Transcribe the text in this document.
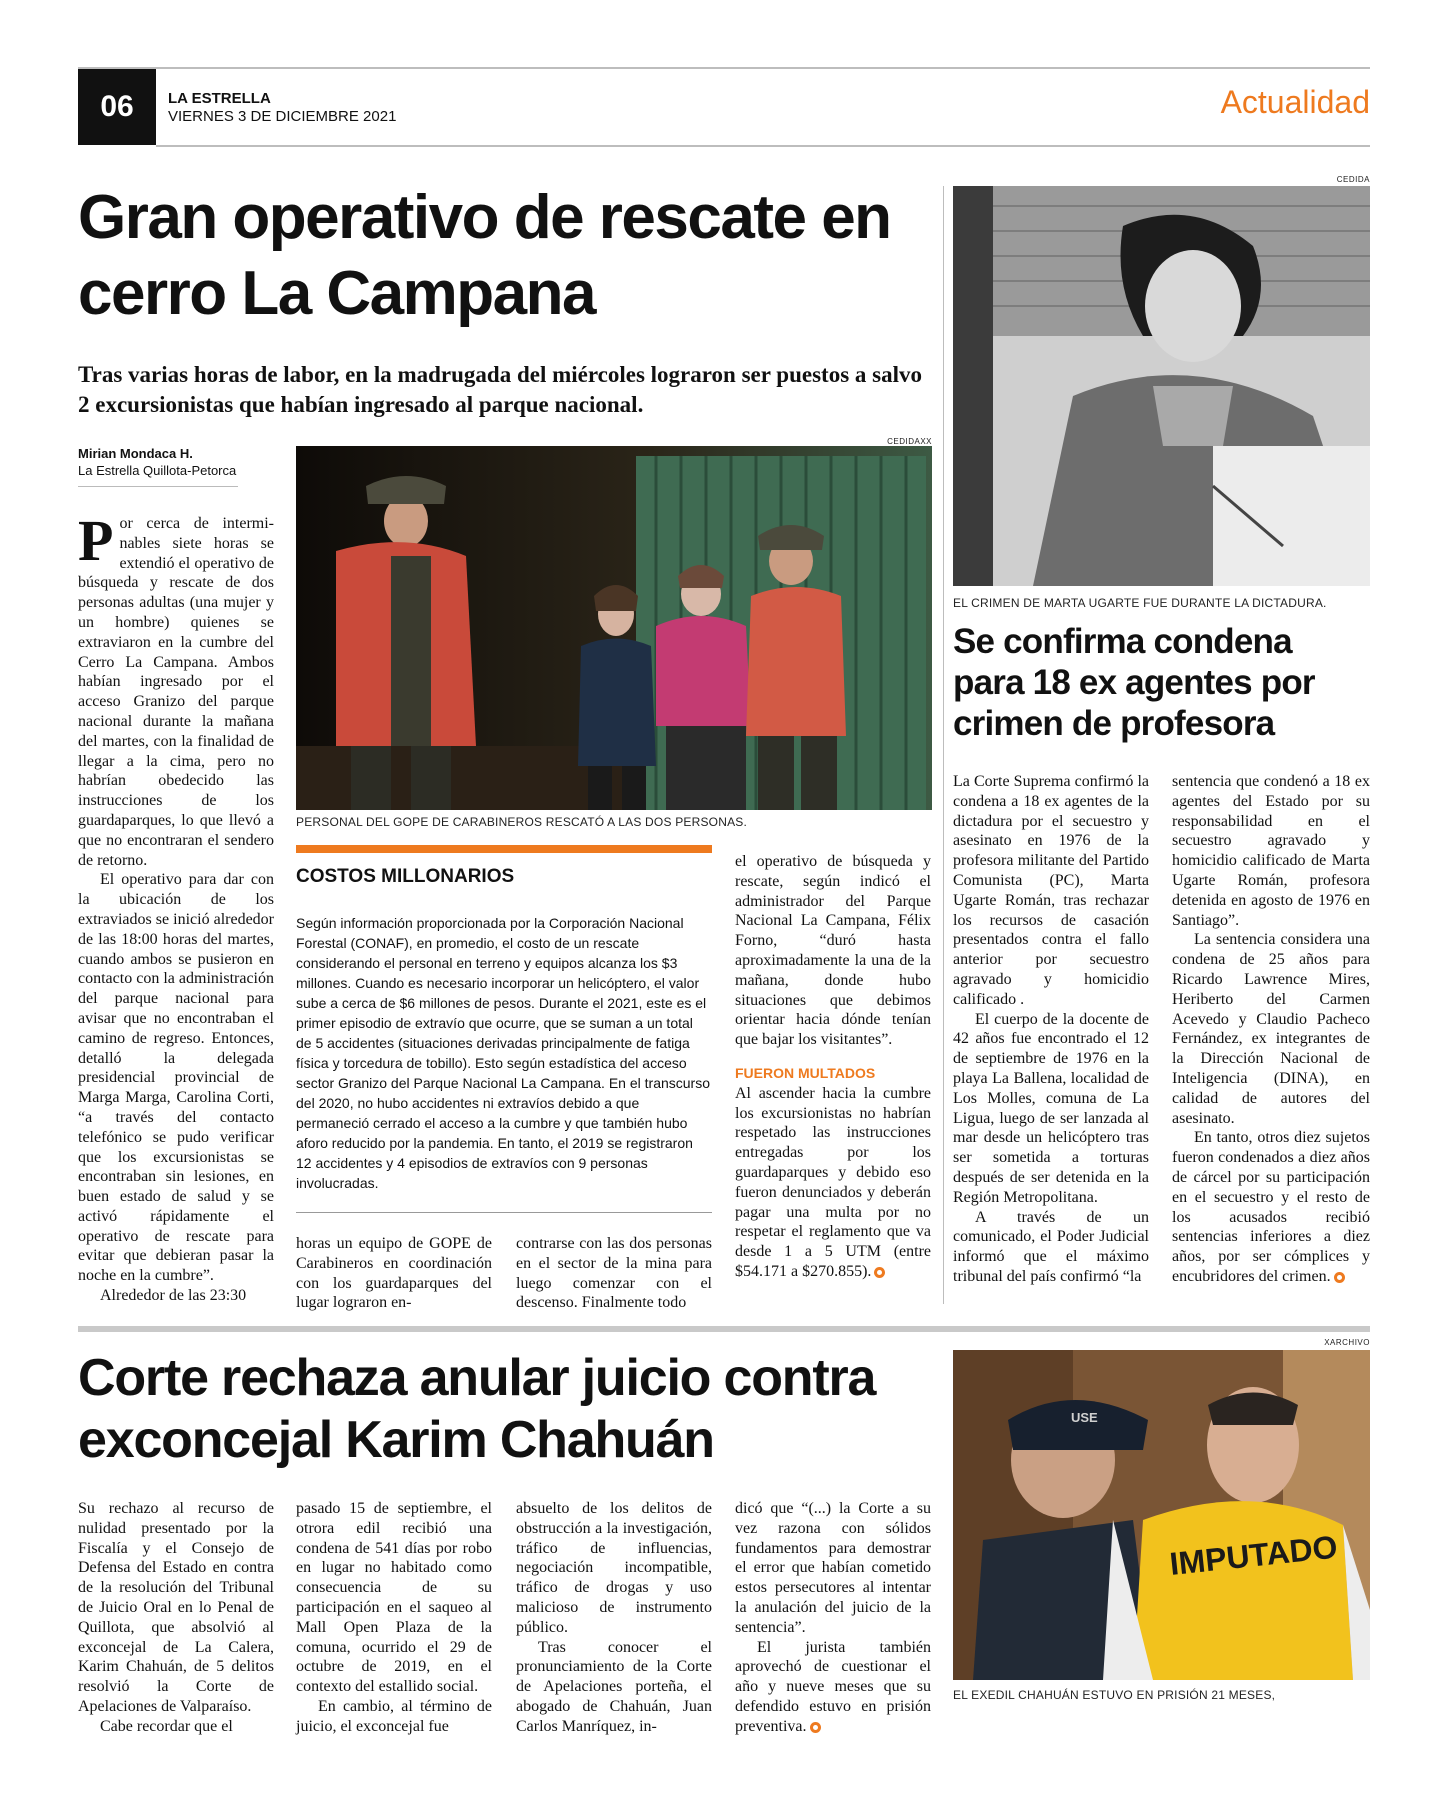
06	LA ESTRELLA
VIERNES 3 DE DICIEMBRE 2021	Actualidad
Gran operativo de rescate en cerro La Campana
Tras varias horas de labor, en la madrugada del miércoles lograron ser puestos a salvo 2 excursionistas que habían ingresado al parque nacional.
Mirian Mondaca H.
La Estrella Quillota-Petorca
CEDIDAXX
PERSONAL DEL GOPE DE CARABINEROS RESCATÓ A LAS DOS PERSONAS.

Por cerca de intermi- nables siete horas se extendió el operativo de búsqueda y rescate de dos personas adultas (una mujer y un hombre) quienes se extraviaron en la cumbre del Cerro La Campana. Ambos habían ingresado por el acceso Granizo del parque nacional durante la mañana del martes, con la finalidad de llegar a la cima, pero no habrían obedecido las instrucciones de los guardaparques, lo que llevó a que no encontraran el sendero de retorno.

El operativo para dar con la ubicación de los extraviados se inició alrededor de las 18:00 horas del martes, cuando ambos se pusieron en contacto con la administración del parque nacional para avisar que no encontraban el camino de regreso. Entonces, detalló la delegada presidencial provincial de Marga Marga, Carolina Corti, “a través del contacto telefónico se pudo verificar que los excursionistas se encontraban sin lesiones, en buen estado de salud y se activó rápidamente el operativo de rescate para evitar que debieran pasar la noche en la cumbre”.

Alrededor de las 23:30

COSTOS MILLONARIOS
Según información proporcionada por la Corporación Nacional Forestal (CONAF), en promedio, el costo de un rescate considerando el personal en terreno y equipos alcanza los $3 millones. Cuando es necesario incorporar un helicóptero, el valor sube a cerca de $6 millones de pesos. Durante el 2021, este es el primer episodio de extravío que ocurre, que se suman a un total de 5 accidentes (situaciones derivadas principalmente de fatiga física y torcedura de tobillo). Esto según estadística del acceso sector Granizo del Parque Nacional La Campana. En el transcurso del 2020, no hubo accidentes ni extravíos debido a que permaneció cerrado el acceso a la cumbre y que también hubo aforo reducido por la pandemia. En tanto, el 2019 se registraron 12 accidentes y 4 episodios de extravíos con 9 personas involucradas.

horas un equipo de GOPE de Carabineros en coordinación con los guardaparques del lugar lograron en-

contrarse con las dos personas en el sector de la mina para luego comenzar con el descenso. Finalmente todo

el operativo de búsqueda y rescate, según indicó el administrador del Parque Nacional La Campana, Félix Forno, “duró hasta aproximadamente la una de la mañana, donde hubo situaciones que debimos orientar hacia dónde tenían que bajar los visitantes”.

FUERON MULTADOS

Al ascender hacia la cumbre los excursionistas no habrían respetado las instrucciones entregadas por los guardaparques y debido eso fueron denunciados y deberán pagar una multa por no respetar el reglamento que va desde 1 a 5 UTM (entre $54.171 a $270.855).

CEDIDA
EL CRIMEN DE MARTA UGARTE FUE DURANTE LA DICTADURA.
Se confirma condena para 18 ex agentes por crimen de profesora

La Corte Suprema confirmó la condena a 18 ex agentes de la dictadura por el secuestro y asesinato en 1976 de la profesora militante del Partido Comunista (PC), Marta Ugarte Román, tras rechazar los recursos de casación presentados contra el fallo anterior por secuestro agravado y homicidio calificado .

El cuerpo de la docente de 42 años fue encontrado el 12 de septiembre de 1976 en la playa La Ballena, localidad de Los Molles, comuna de La Ligua, luego de ser lanzada al mar desde un helicóptero tras ser sometida a torturas después de ser detenida en la Región Metropolitana.

A través de un comunicado, el Poder Judicial informó que el máximo tribunal del país confirmó “la

sentencia que condenó a 18 ex agentes del Estado por su responsabilidad en el secuestro agravado y homicidio calificado de Marta Ugarte Román, profesora detenida en agosto de 1976 en Santiago”.

La sentencia considera una condena de 25 años para Ricardo Lawrence Mires, Heriberto del Carmen Acevedo y Claudio Pacheco Fernández, ex integrantes de la Dirección Nacional de Inteligencia (DINA), en calidad de autores del asesinato.

En tanto, otros diez sujetos fueron condenados a diez años de cárcel por su participación en el secuestro y el resto de los acusados recibió sentencias inferiores a diez años, por ser cómplices y encubridores del crimen.

Corte rechaza anular juicio contra exconcejal Karim Chahuán
XARCHIVO
IMPUTADO
USE
EL EXEDIL CHAHUÁN ESTUVO EN PRISIÓN 21 MESES,

Su rechazo al recurso de nulidad presentado por la Fiscalía y el Consejo de Defensa del Estado en contra de la resolución del Tribunal de Juicio Oral en lo Penal de Quillota, que absolvió al exconcejal de La Calera, Karim Chahuán, de 5 delitos resolvió la Corte de Apelaciones de Valparaíso.

Cabe recordar que el

pasado 15 de septiembre, el otrora edil recibió una condena de 541 días por robo en lugar no habitado como consecuencia de su participación en el saqueo al Mall Open Plaza de la comuna, ocurrido el 29 de octubre de 2019, en el contexto del estallido social.

En cambio, al término de juicio, el exconcejal fue

absuelto de los delitos de obstrucción a la investigación, tráfico de influencias, negociación incompatible, tráfico de drogas y uso malicioso de instrumento público.

Tras conocer el pronunciamiento de la Corte de Apelaciones porteña, el abogado de Chahuán, Juan Carlos Manríquez, in-

dicó que “(...) la Corte a su vez razona con sólidos fundamentos para demostrar el error que habían cometido estos persecutores al intentar la anulación del juicio de la sentencia”.

El jurista también aprovechó de cuestionar el año y nueve meses que su defendido estuvo en prisión preventiva.
